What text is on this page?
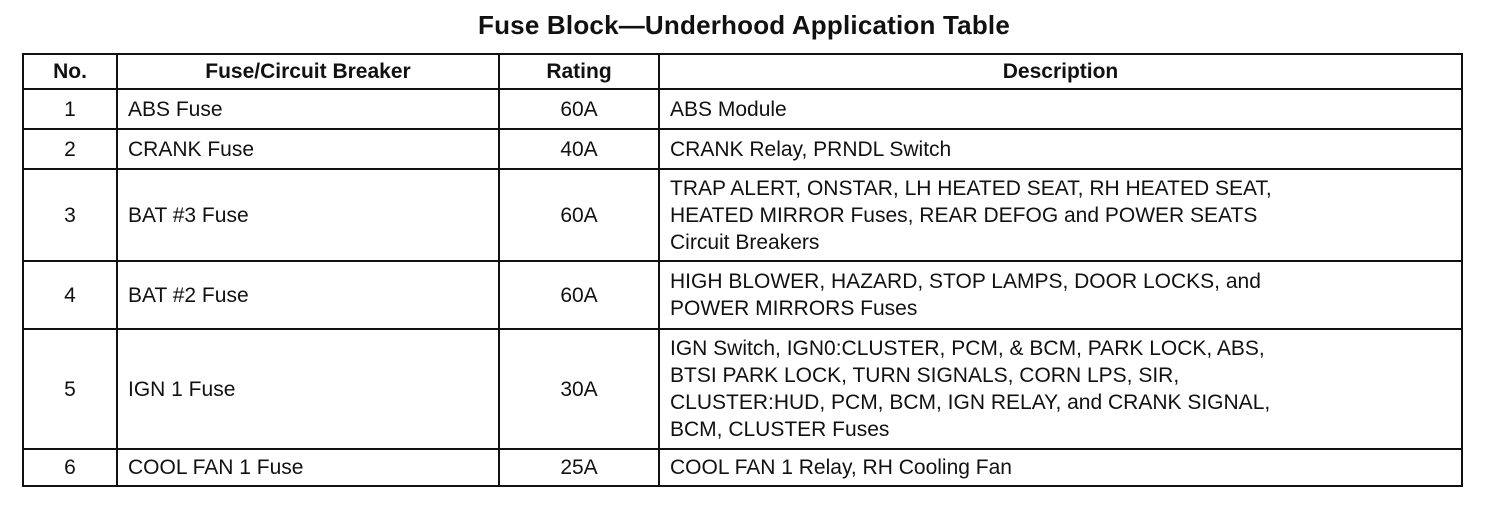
Fuse Block—Underhood Application Table
No.	Fuse/Circuit Breaker	Rating	Description
1	ABS Fuse	60A	ABS Module
2	CRANK Fuse	40A	CRANK Relay, PRNDL Switch
3	BAT #3 Fuse	60A	TRAP ALERT, ONSTAR, LH HEATED SEAT, RH HEATED SEAT,
HEATED MIRROR Fuses, REAR DEFOG and POWER SEATS
Circuit Breakers
4	BAT #2 Fuse	60A	HIGH BLOWER, HAZARD, STOP LAMPS, DOOR LOCKS, and
POWER MIRRORS Fuses
5	IGN 1 Fuse	30A	IGN Switch, IGN0:CLUSTER, PCM, & BCM, PARK LOCK, ABS,
BTSI PARK LOCK, TURN SIGNALS, CORN LPS, SIR,
CLUSTER:HUD, PCM, BCM, IGN RELAY, and CRANK SIGNAL,
BCM, CLUSTER Fuses
6	COOL FAN 1 Fuse	25A	COOL FAN 1 Relay, RH Cooling Fan
